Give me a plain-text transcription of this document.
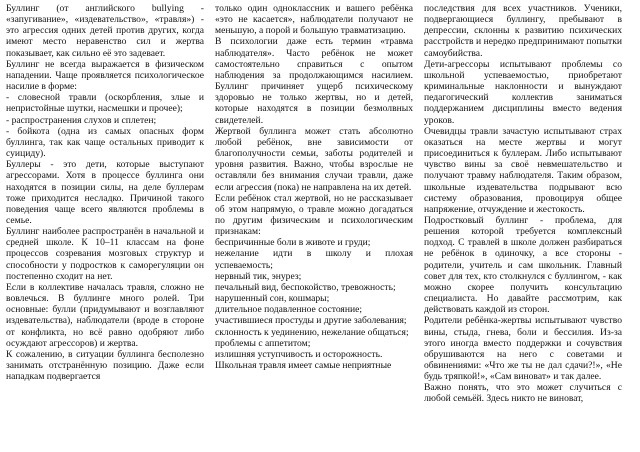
Буллинг (от английского bullying - «запугивание», «издевательство», «травля») - это агрессия одних детей против других, когда имеют место неравенство сил и жертва показывает, как сильно её это задевает.

Буллинг не всегда выражается в физическом нападении. Чаще проявляется психологическое насилие в форме:

- словесной травли (оскорбления, злые и непристойные шутки, насмешки и прочее);

- распространения слухов и сплетен;

- бойкота (одна из самых опасных форм буллинга, так как чаще остальных приводит к суициду).

Буллеры - это дети, которые выступают агрессорами. Хотя в процессе буллинга они находятся в позиции силы, на деле буллерам тоже приходится несладко. Причиной такого поведения чаще всего являются проблемы в семье.

Буллинг наиболее распространён в начальной и средней школе. К 10–11 классам на фоне процессов созревания мозговых структур и способности у подростков к саморегуляции он постепенно сходит на нет.

Если в коллективе началась травля, сложно не вовлечься. В буллинге много ролей. Три основные: булли (придумывают и возглавляют издевательства), наблюдатели (вроде в стороне от конфликта, но всё равно одобряют либо осуждают агрессоров) и жертва.

К сожалению, в ситуации буллинга бесполезно занимать отстранённую позицию. Даже если нападкам подвергается

только один одноклассник и вашего ребёнка «это не касается», наблюдатели получают не меньшую, а порой и большую травматизацию.

В психологии даже есть термин «травма наблюдателя». Часто ребёнок не может самостоятельно справиться с опытом наблюдения за продолжающимся насилием. Буллинг причиняет ущерб психическому здоровью не только жертвы, но и детей, которые находятся в позиции безмолвных свидетелей.

Жертвой буллинга может стать абсолютно любой ребёнок, вне зависимости от благополучности семьи, заботы родителей и уровня развития. Важно, чтобы взрослые не оставляли без внимания случаи травли, даже если агрессия (пока) не направлена на их детей.

Если ребёнок стал жертвой, но не рассказывает об этом напрямую, о травле можно догадаться по другим физическим и психологическим признакам:

беспричинные боли в животе и груди;

нежелание идти в школу и плохая успеваемость;

нервный тик, энурез;

печальный вид, беспокойство, тревожность;

нарушенный сон, кошмары;

длительное подавленное состояние;

участившиеся простуды и другие заболевания;

склонность к уединению, нежелание общаться;

проблемы с аппетитом;

излишняя уступчивость и осторожность.

Школьная травля имеет самые неприятные

последствия для всех участников. Ученики, подвергающиеся буллингу, пребывают в депрессии, склонны к развитию психических расстройств и нередко предпринимают попытки самоубийства.

Дети-агрессоры испытывают проблемы со школьной успеваемостью, приобретают криминальные наклонности и вынуждают педагогический коллектив заниматься поддержанием дисциплины вместо ведения уроков.

Очевидцы травли зачастую испытывают страх оказаться на месте жертвы и могут присоединиться к буллерам. Либо испытывают чувство вины за своё невмешательство и получают травму наблюдателя. Таким образом, школьные издевательства подрывают всю систему образования, провоцируя общее напряжение, отчуждение и жестокость.

Подростковый буллинг - проблема, для решения которой требуется комплексный подход. С травлей в школе должен разбираться не ребёнок в одиночку, а все стороны - родители, учитель и сам школьник. Главный совет для тех, кто столкнулся с буллингом, - как можно скорее получить консультацию специалиста. Но давайте рассмотрим, как действовать каждой из сторон.

Родители ребёнка-жертвы испытывают чувство вины, стыда, гнева, боли и бессилия. Из-за этого иногда вместо поддержки и сочувствия обрушиваются на него с советами и обвинениями: «Что же ты не дал сдачи?!», «Не будь тряпкой!», «Сам виноват» и так далее.

Важно понять, что это может случиться с любой семьёй. Здесь никто не виноват,
